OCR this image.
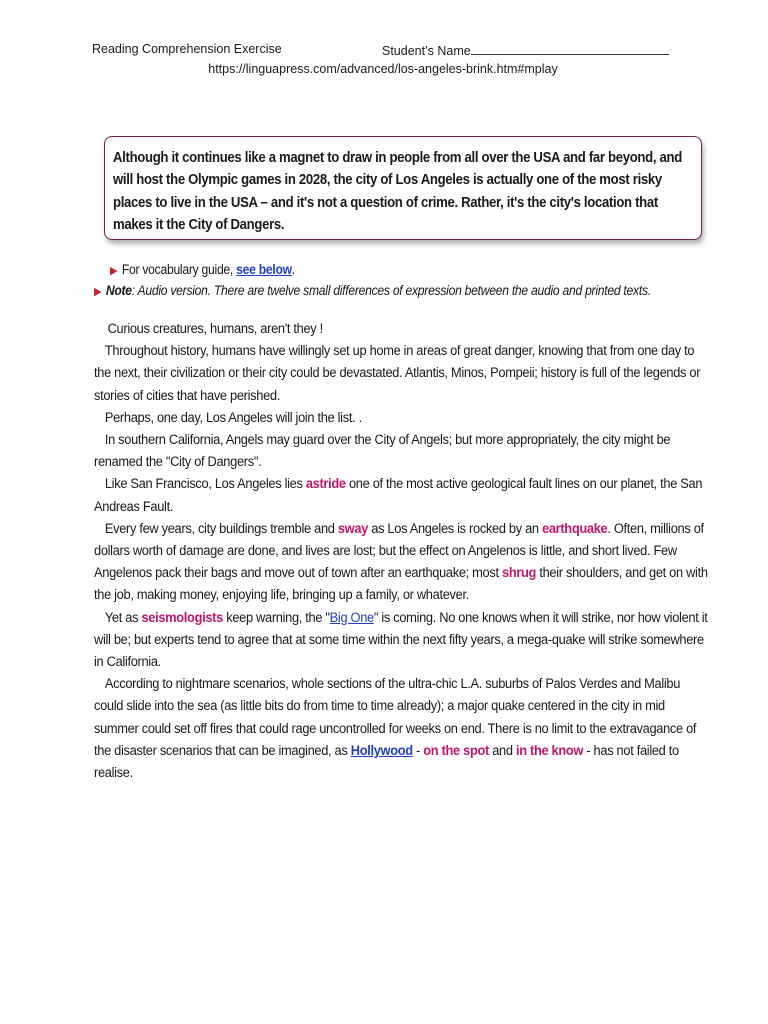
Reading Comprehension Exercise	Student’s Name
https://linguapress.com/advanced/los-angeles-brink.htm#mplay

Although it continues like a magnet to draw in people from all over the USA and far beyond, and will host the Olympic games in 2028, the city of Los Angeles is actually one of the most risky places to live in the USA – and it's not a question of crime. Rather, it's the city's location that makes it the City of Dangers.

▶ For vocabulary guide, see below.
▶ Note: Audio version. There are twelve small differences of expression between the audio and printed texts.

Curious creatures, humans, aren't they !

Throughout history, humans have willingly set up home in areas of great danger, knowing that from one day to the next, their civilization or their city could be devastated. Atlantis, Minos, Pompeii; history is full of the legends or stories of cities that have perished.

Perhaps, one day, Los Angeles will join the list. .

In southern California, Angels may guard over the City of Angels; but more appropriately, the city might be renamed the "City of Dangers".

Like San Francisco, Los Angeles lies astride one of the most active geological fault lines on our planet, the San Andreas Fault.

Every few years, city buildings tremble and sway as Los Angeles is rocked by an earthquake. Often, millions of dollars worth of damage are done, and lives are lost; but the effect on Angelenos is little, and short lived. Few Angelenos pack their bags and move out of town after an earthquake; most shrug their shoulders, and get on with the job, making money, enjoying life, bringing up a family, or whatever.

Yet as seismologists keep warning, the "Big One" is coming. No one knows when it will strike, nor how violent it will be; but experts tend to agree that at some time within the next fifty years, a mega-quake will strike somewhere in California.

According to nightmare scenarios, whole sections of the ultra-chic L.A. suburbs of Palos Verdes and Malibu could slide into the sea (as little bits do from time to time already); a major quake centered in the city in mid summer could set off fires that could rage uncontrolled for weeks on end. There is no limit to the extravagance of the disaster scenarios that can be imagined, as Hollywood - on the spot and in the know - has not failed to realise.
